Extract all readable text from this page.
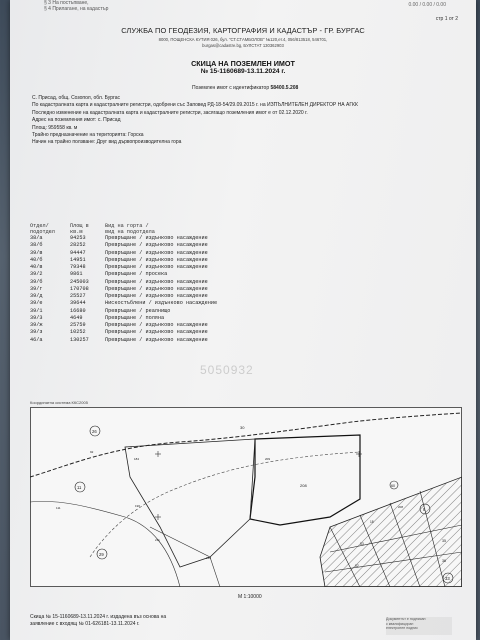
§ 3 На постъпване,
§ 4 Прилагане, на кадастър
0.00 / 0.00 / 0.00
стр 1 от 2
СЛУЖБА ПО ГЕОДЕЗИЯ, КАРТОГРАФИЯ И КАДАСТЪР - ГР. БУРГАС
8000, ПОЩЕНСКА КУТИЯ 026, бул. "СТ.СТАМБОЛОВ" №120,ет.4, 056/813518, 546701,
burgas@cadastre.bg, БУЛСТАТ 130362903
СКИЦА НА ПОЗЕМЛЕН ИМОТ
№ 15-1160689-13.11.2024 г.
Поземлен имот с идентификатор 58400.5.208
С. Присад, общ. Созопол, обл. Бургас
По кадастралната карта и кадастралните регистри, одобрени със Заповед РД-18-54/29.09.2015 г. на ИЗПЪЛНИТЕЛЕН ДИРЕКТОР НА АГКК
Последно изменение на кадастралната карта и кадастралните регистри, засягащо поземления имот е от 02.12.2020 г.
Адрес на поземления имот: с. Присад
Площ: 959558 кв. м
Трайно предназначение на територията: Горска
Начин на трайно ползване: Друг вид дървопроизводителна гора
Отдел/	Площ в	Вид на горта /
подотдел	кв.м	вид на подотдела
38/а	94253	Превръщане / издънково насаждение
38/б	28252	Превръщане / издънково насаждение
39/в	94447	Превръщане / издънково насаждение
40/б	14951	Превръщане / издънково насаждение
40/в	79348	Превръщане / издънково насаждение
39/2	9861	Превръщане / просека
39/б	245003	Превръщане / издънково насаждение
39/г	170708	Превръщане / издънково насаждение
39/д	25527	Превръщане / издънково насаждение
39/е	39644	Нискостъблени / издънково насаждение
39/1	16680	Превръщане / реалнищо
39/3	4649	Превръщане / поляна
39/ж	25759	Превръщане / издънково насаждение
39/з	10252	Превръщане / издънково насаждение
46/а	130257	Превръщане / издънково насаждение
5050932
Координатна система ККС2005
26
30
208
8
11
29
60
33
35
36
53
52
18
209
210
211
184
196	208
111
92
М 1:10000
Скица № 15-1160689-13.11.2024 г. издадена въз основа на
заявление с входящ № 01-626181-13.11.2024 г.
Документът е подписан
с квалифициран
електронен подпис
